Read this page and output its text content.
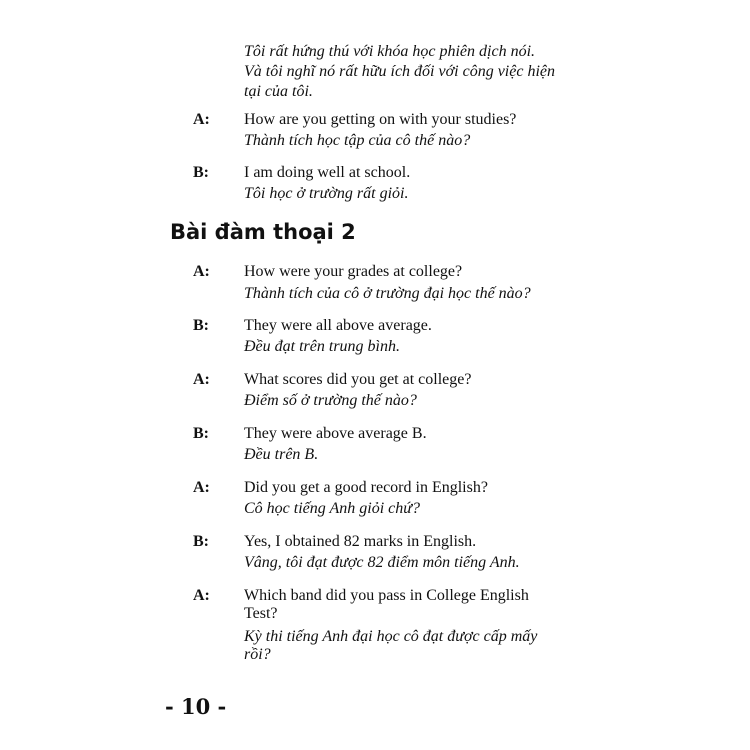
Tôi rất hứng thú với khóa học phiên dịch nói.
Và tôi nghĩ nó rất hữu ích đối với công việc hiện
tại của tôi.
A: How are you getting on with your studies?
Thành tích học tập của cô thế nào?
B: I am doing well at school.
Tôi học ở trường rất giỏi.
Bài đàm thoại 2
A: How were your grades at college?
Thành tích của cô ở trường đại học thế nào?
B: They were all above average.
Đều đạt trên trung bình.
A: What scores did you get at college?
Điểm số ở trường thế nào?
B: They were above average B.
Đều trên B.
A: Did you get a good record in English?
Cô học tiếng Anh giỏi chứ?
B: Yes, I obtained 82 marks in English.
Vâng, tôi đạt được 82 điểm môn tiếng Anh.
A: Which band did you pass in College English
Test?
Kỳ thi tiếng Anh đại học cô đạt được cấp mấy
rồi?
- 10 -
